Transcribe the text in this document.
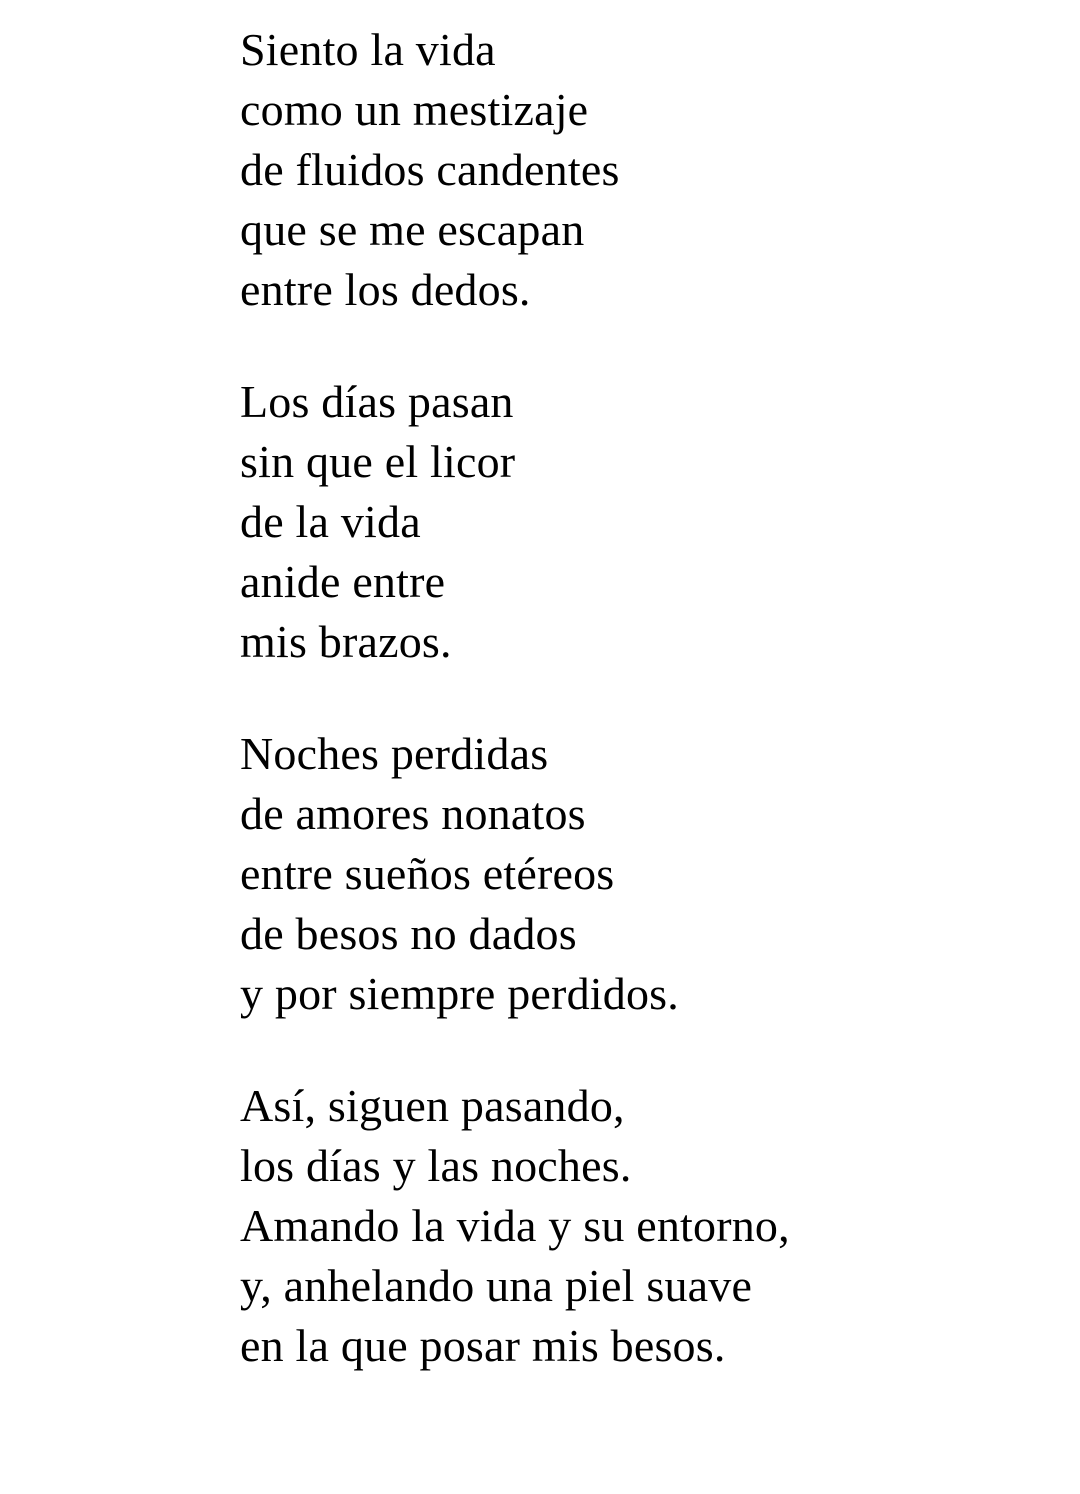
Siento la vida

como un mestizaje

de fluidos candentes

que se me escapan

entre los dedos.

Los días pasan

sin que el licor

de la vida

anide entre

mis brazos.

Noches perdidas

de amores nonatos

entre sueños etéreos

de besos no dados

y por siempre perdidos.

Así, siguen pasando,

los días y las noches.

Amando la vida y su entorno,

y, anhelando una piel suave

en la que posar mis besos.
